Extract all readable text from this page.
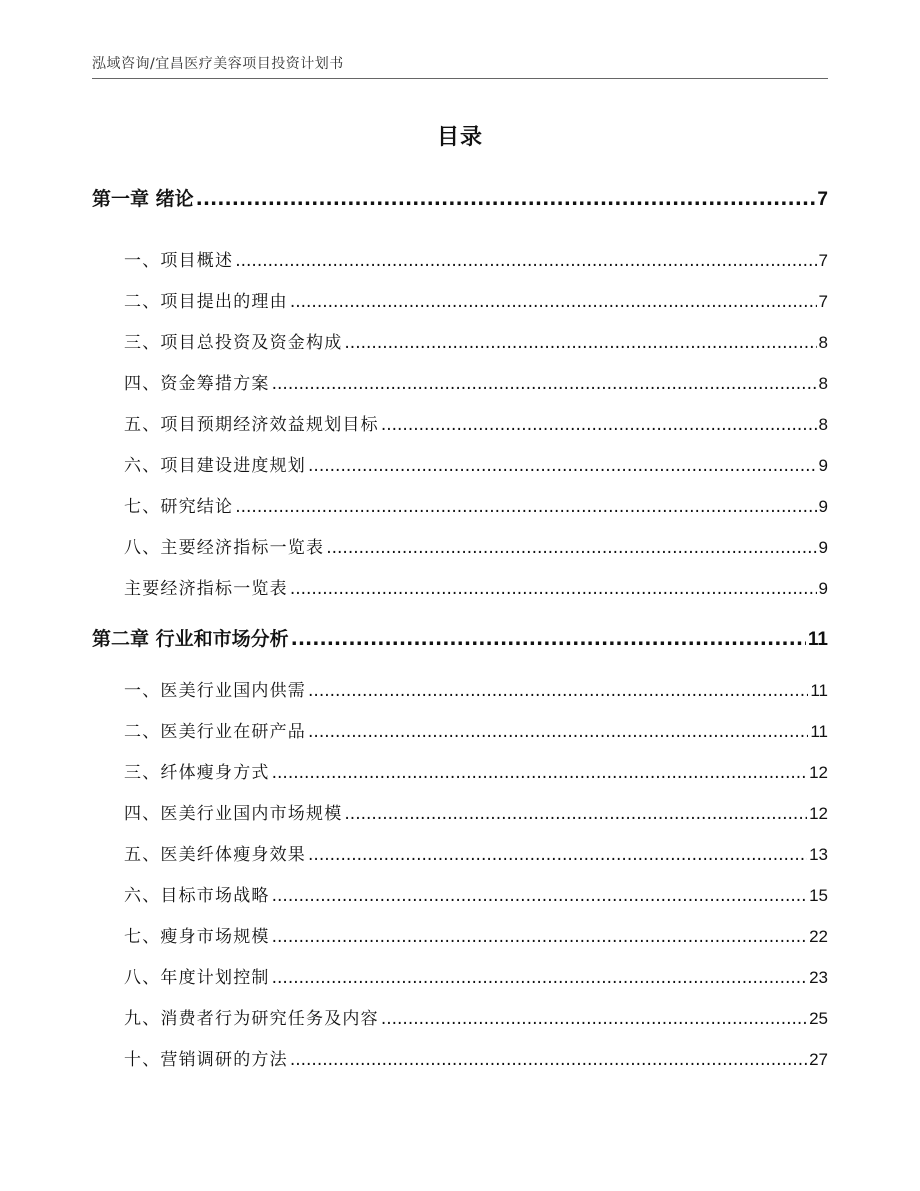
泓域咨询/宜昌医疗美容项目投资计划书
目录
第一章 绪论 .....	7
一、 项目概述 .....	7
二、 项目提出的理由 .....	7
三、 项目总投资及资金构成 .....	8
四、 资金筹措方案 .....	8
五、 项目预期经济效益规划目标 .....	8
六、 项目建设进度规划 .....	9
七、 研究结论 .....	9
八、 主要经济指标一览表 .....	9
主要经济指标一览表 .....	9
第二章 行业和市场分析 .....	11
一、 医美行业国内供需 .....	11
二、 医美行业在研产品 .....	11
三、 纤体瘦身方式 .....	12
四、 医美行业国内市场规模 .....	12
五、 医美纤体瘦身效果 .....	13
六、 目标市场战略 .....	15
七、 瘦身市场规模 .....	22
八、 年度计划控制 .....	23
九、 消费者行为研究任务及内容 .....	25
十、 营销调研的方法 .....	27
